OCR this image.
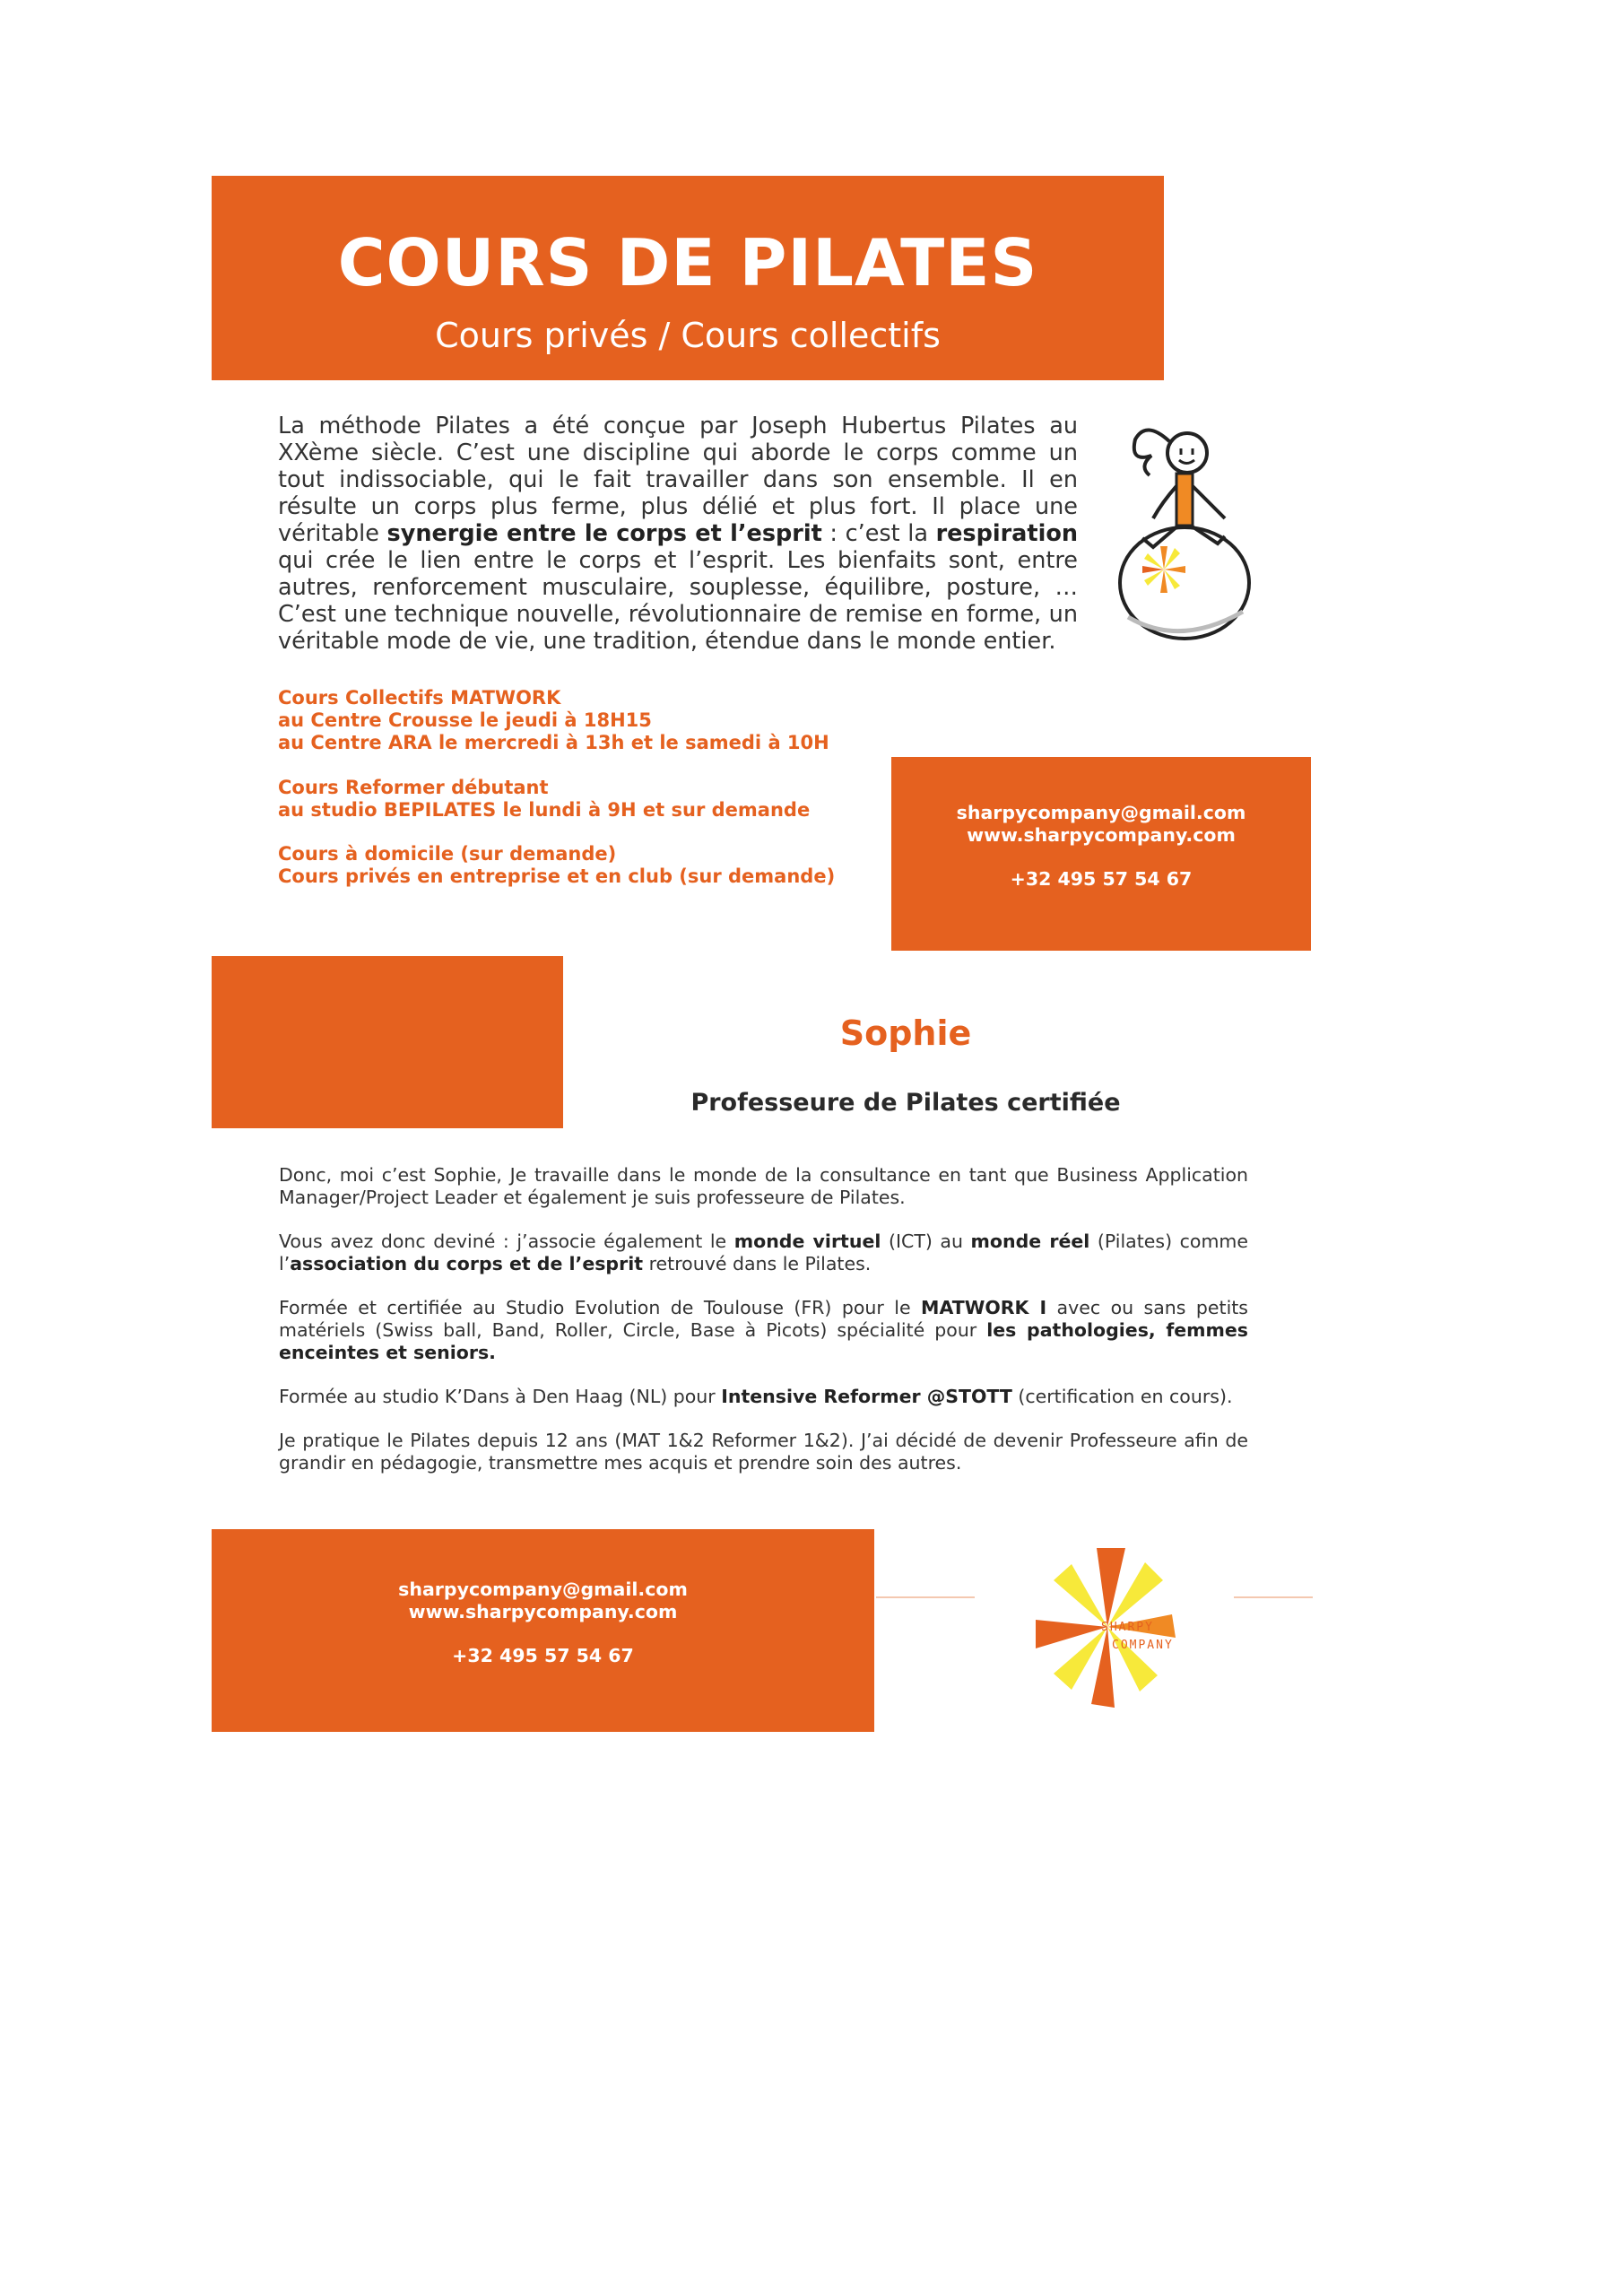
COURS DE PILATES
Cours privés / Cours collectifs
La méthode Pilates a été conçue par Joseph Hubertus Pilates au XXème siècle. C’est une discipline qui aborde le corps comme un tout indissociable, qui le fait travailler dans son ensemble. Il en résulte un corps plus ferme, plus délié et plus fort. Il place une véritable synergie entre le corps et l’esprit : c’est la respiration qui crée le lien entre le corps et l’esprit. Les bienfaits sont, entre autres, renforcement musculaire, souplesse, équilibre, posture, … C’est une technique nouvelle, révolutionnaire de remise en forme, un véritable mode de vie, une tradition, étendue dans le monde entier.
Cours Collectifs MATWORK
au Centre Crousse le jeudi à 18H15
au Centre ARA le mercredi à 13h et le samedi à 10H
Cours Reformer débutant
au studio BEPILATES le lundi à 9H et sur demande
Cours à domicile (sur demande)
Cours privés en entreprise et en club (sur demande)
sharpycompany@gmail.com
www.sharpycompany.com
+32 495 57 54 67
Sophie
Professeure de Pilates certifiée

Donc, moi c’est Sophie, Je travaille dans le monde de la consultance en tant que Business Application Manager/Project Leader et également je suis professeure de Pilates.

Vous avez donc deviné : j’associe également le monde virtuel (ICT) au monde réel (Pilates) comme l’association du corps et de l’esprit retrouvé dans le Pilates.

Formée et certifiée au Studio Evolution de Toulouse (FR) pour le MATWORK I avec ou sans petits matériels (Swiss ball, Band, Roller, Circle, Base à Picots) spécialité pour les pathologies, femmes enceintes et seniors.

Formée au studio K’Dans à Den Haag (NL) pour Intensive Reformer @STOTT (certification en cours).

Je pratique le Pilates depuis 12 ans (MAT 1&2 Reformer 1&2). J’ai décidé de devenir Professeure afin de grandir en pédagogie, transmettre mes acquis et prendre soin des autres.

sharpycompany@gmail.com
www.sharpycompany.com
+32 495 57 54 67
SHARPY
COMPANY
